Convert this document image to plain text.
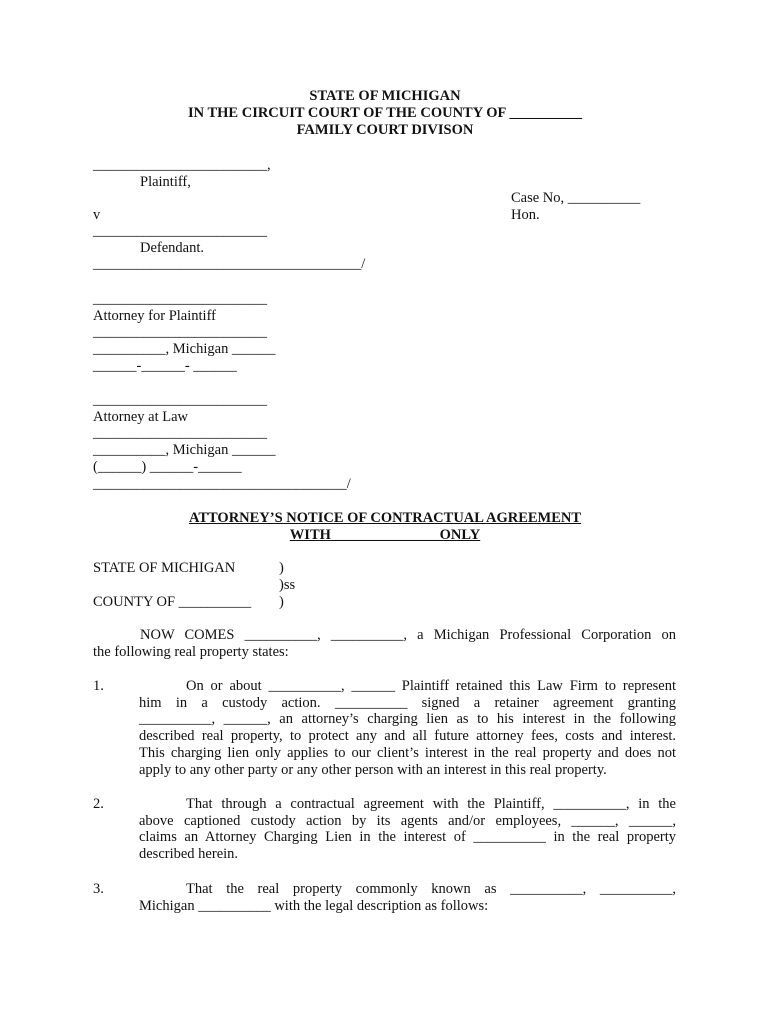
STATE OF MICHIGAN
IN THE CIRCUIT COURT OF THE COUNTY OF __________
FAMILY COURT DIVISON
________________________,
Plaintiff,
Case No, __________
v	Hon.
________________________
Defendant.
_____________________________________/
________________________
Attorney for Plaintiff
________________________
__________, Michigan ______
______-______- ______
________________________
Attorney at Law
________________________
__________, Michigan ______
(______) ______-______
___________________________________/
ATTORNEY’S NOTICE OF CONTRACTUAL AGREEMENT
WITH_______________ONLY
STATE OF MICHIGAN	)
)ss
COUNTY OF __________ )
NOW COMES __________, __________, a Michigan Professional Corporation on
the following real property states:
1.	On or about __________, ______ Plaintiff retained this Law Firm to represent
him in a custody action. __________ signed a retainer agreement granting
__________, ______, an attorney’s charging lien as to his interest in the following
described real property, to protect any and all future attorney fees, costs and interest.
This charging lien only applies to our client’s interest in the real property and does not
apply to any other party or any other person with an interest in this real property.
2.	That through a contractual agreement with the Plaintiff, __________, in the
above captioned custody action by its agents and/or employees, ______, ______,
claims an Attorney Charging Lien in the interest of __________ in the real property
described herein.
3.	That the real property commonly known as __________, __________,
Michigan __________ with the legal description as follows:
